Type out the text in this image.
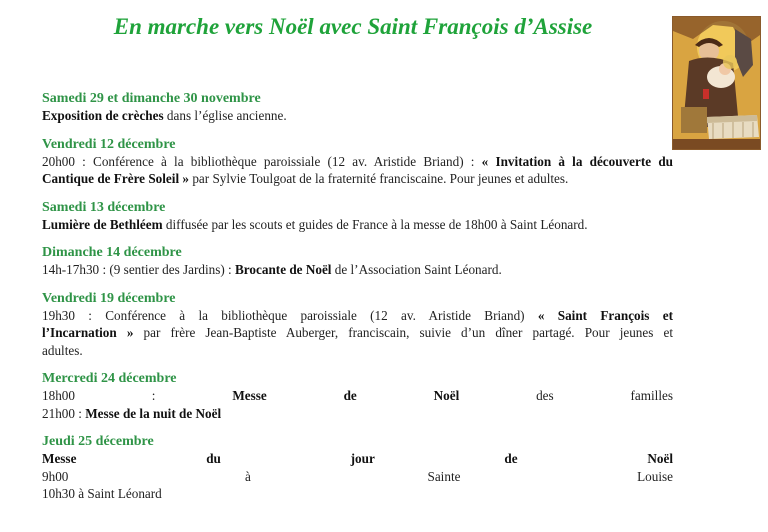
En marche vers Noël avec Saint François d’Assise
Samedi 29 et dimanche 30 novembre
Exposition de crèches dans l’église ancienne.
Vendredi 12 décembre
20h00 : Conférence à la bibliothèque paroissiale (12 av. Aristide Briand) : « Invitation à la découverte du
Cantique de Frère Soleil » par Sylvie Toulgoat de la fraternité franciscaine. Pour jeunes et adultes.
Samedi 13 décembre
Lumière de Bethléem diffusée par les scouts et guides de France à la messe de 18h00 à Saint Léonard.
Dimanche 14 décembre
14h-17h30 : (9 sentier des Jardins) : Brocante de Noël de l’Association Saint Léonard.
Vendredi 19 décembre
19h30 : Conférence à la bibliothèque paroissiale (12 av. Aristide Briand) « Saint François et
l’Incarnation » par frère Jean-Baptiste Auberger, franciscain, suivie d’un dîner partagé. Pour jeunes et
adultes.
Mercredi 24 décembre
18h00 : Messe de Noël des familles
21h00 : Messe de la nuit de Noël
Jeudi 25 décembre
Messe du jour de Noël
9h00 à Sainte Louise
10h30 à Saint Léonard
